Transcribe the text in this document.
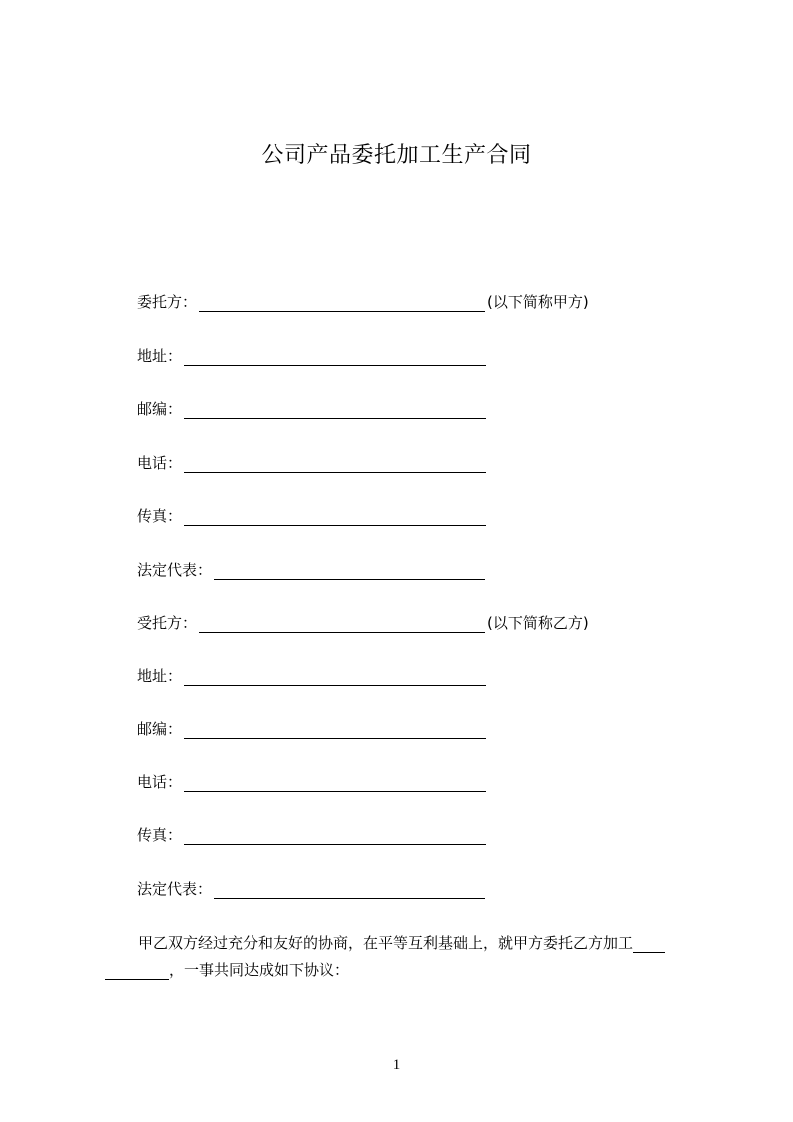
公司产品委托加工生产合同
委托方：	(以下简称甲方)
地址：
邮编：
电话：
传真：
法定代表：
受托方：	(以下简称乙方)
地址：
邮编：
电话：
传真：
法定代表：
甲乙双方经过充分和友好的协商，在平等互利基础上，就甲方委托乙方加工
，一事共同达成如下协议：
1
